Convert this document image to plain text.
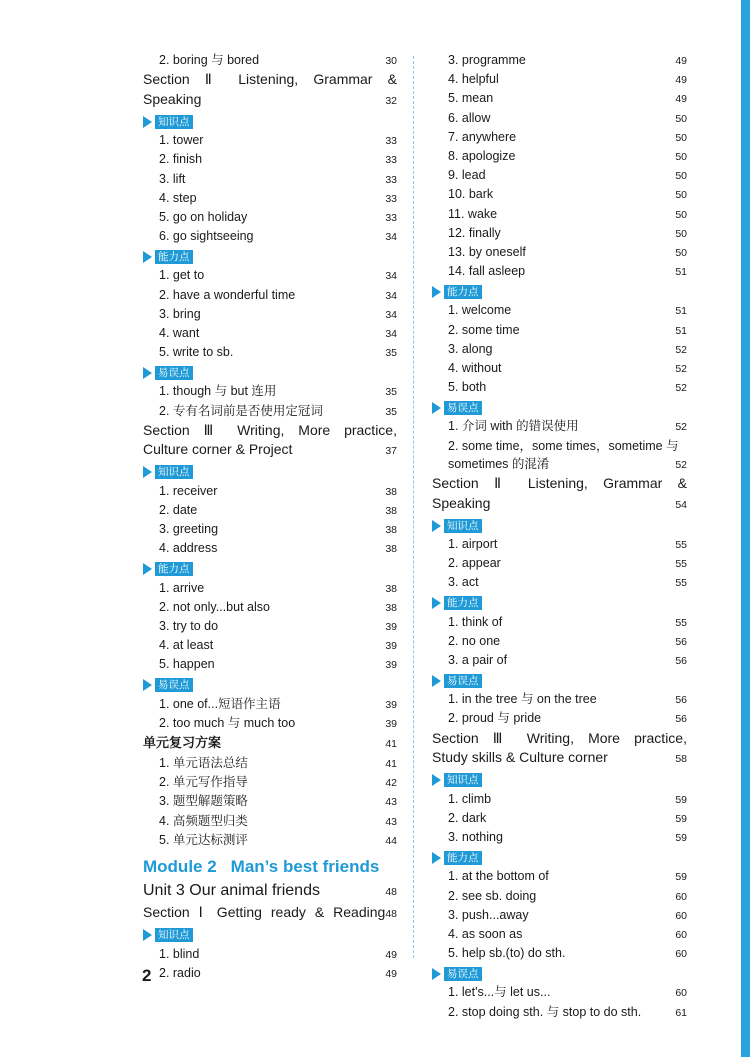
2. boring 与 bored	30
Section Ⅱ Listening, Grammar &
Speaking	32
知识点
1. tower	33
2. finish	33
3. lift	33
4. step	33
5. go on holiday	33
6. go sightseeing	34
能力点
1. get to	34
2. have a wonderful time	34
3. bring	34
4. want	34
5. write to sb.	35
易误点
1. though 与 but 连用	35
2. 专有名词前是否使用定冠词	35
Section Ⅲ Writing, More practice,
Culture corner & Project	37
知识点
1. receiver	38
2. date	38
3. greeting	38
4. address	38
能力点
1. arrive	38
2. not only...but also	38
3. try to do	39
4. at least	39
5. happen	39
易误点
1. one of...短语作主语	39
2. too much 与 much too	39
单元复习方案	41
1. 单元语法总结	41
2. 单元写作指导	42
3. 题型解题策略	43
4. 高频题型归类	43
5. 单元达标测评	44
Module 2 Man’s best friends
Unit 3 Our animal friends	48
Section Ⅰ Getting ready & Reading 48
知识点
1. blind	49
2. radio	49
3. programme	49
4. helpful	49
5. mean	49
6. allow	50
7. anywhere	50
8. apologize	50
9. lead	50
10. bark	50
11. wake	50
12. finally	50
13. by oneself	50
14. fall asleep	51
能力点
1. welcome	51
2. some time	51
3. along	52
4. without	52
5. both	52
易误点
1. 介词 with 的错误使用	52
2. some time，some times，sometime 与
sometimes 的混淆	52
Section Ⅱ Listening, Grammar &
Speaking	54
知识点
1. airport	55
2. appear	55
3. act	55
能力点
1. think of	55
2. no one	56
3. a pair of	56
易误点
1. in the tree 与 on the tree	56
2. proud 与 pride	56
Section Ⅲ Writing, More practice,
Study skills & Culture corner	58
知识点
1. climb	59
2. dark	59
3. nothing	59
能力点
1. at the bottom of	59
2. see sb. doing	60
3. push...away	60
4. as soon as	60
5. help sb.(to) do sth.	60
易误点
1. let's...与 let us...	60
2. stop doing sth. 与 stop to do sth.	61
2
